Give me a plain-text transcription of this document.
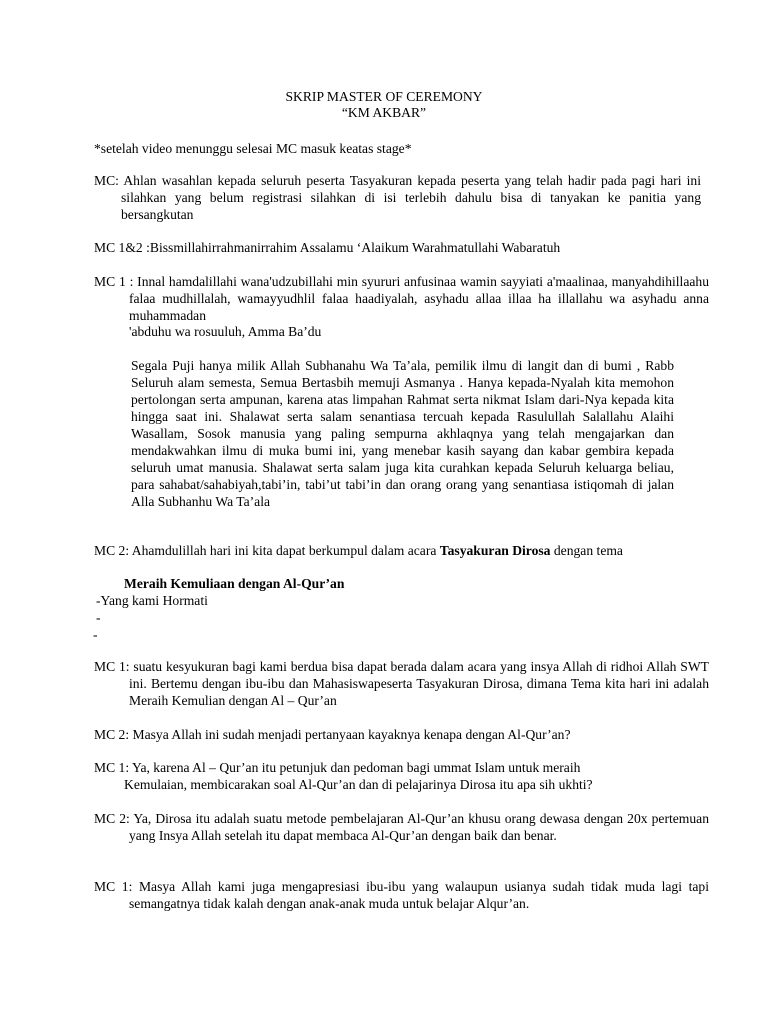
SKRIP MASTER OF CEREMONY

“KM AKBAR”

*setelah video menunggu selesai MC masuk keatas stage*

MC: Ahlan wasahlan kepada seluruh peserta Tasyakuran kepada peserta yang telah hadir pada pagi hari ini silahkan yang belum registrasi silahkan di isi terlebih dahulu bisa di tanyakan ke panitia yang bersangkutan

MC 1&2 :Bissmillahirrahmanirrahim Assalamu ‘Alaikum Warahmatullahi Wabaratuh

MC 1 : Innal hamdalillahi wana'udzubillahi min syururi anfusinaa wamin sayyiati a'maalinaa, manyahdihillaahu falaa mudhillalah, wamayyudhlil falaa haadiyalah, asyhadu allaa illaa ha illallahu wa asyhadu anna muhammadan

'abduhu wa rosuuluh, Amma Ba’du

Segala Puji hanya milik Allah Subhanahu Wa Ta’ala, pemilik ilmu di langit dan di bumi , Rabb Seluruh alam semesta, Semua Bertasbih memuji Asmanya . Hanya kepada-Nyalah kita memohon pertolongan serta ampunan, karena atas limpahan Rahmat serta nikmat Islam dari-Nya kepada kita hingga saat ini. Shalawat serta salam senantiasa tercuah kepada Rasulullah Salallahu Alaihi Wasallam, Sosok manusia yang paling sempurna akhlaqnya yang telah mengajarkan dan mendakwahkan ilmu di muka bumi ini, yang menebar kasih sayang dan kabar gembira kepada seluruh umat manusia. Shalawat serta salam juga kita curahkan kepada Seluruh keluarga beliau, para sahabat/sahabiyah,tabi’in, tabi’ut tabi’in dan orang orang yang senantiasa istiqomah di jalan Alla Subhanhu Wa Ta’ala

MC 2: Ahamdulillah hari ini kita dapat berkumpul dalam acara Tasyakuran Dirosa dengan tema

Meraih Kemuliaan dengan Al-Qur’an

-Yang kami Hormati

-

-

MC 1: suatu kesyukuran bagi kami berdua bisa dapat berada dalam acara yang insya Allah di ridhoi Allah SWT ini. Bertemu dengan ibu-ibu dan Mahasiswapeserta Tasyakuran Dirosa, dimana Tema kita hari ini adalah Meraih Kemulian dengan Al – Qur’an

MC 2: Masya Allah ini sudah menjadi pertanyaan kayaknya kenapa dengan Al-Qur’an?

MC 1: Ya, karena Al – Qur’an itu petunjuk dan pedoman bagi ummat Islam untuk meraih

Kemulaian, membicarakan soal Al-Qur’an dan di pelajarinya Dirosa itu apa sih ukhti?

MC 2: Ya, Dirosa itu adalah suatu metode pembelajaran Al-Qur’an khusu orang dewasa dengan 20x pertemuan yang Insya Allah setelah itu dapat membaca Al-Qur’an dengan baik dan benar.

MC 1: Masya Allah kami juga mengapresiasi ibu-ibu yang walaupun usianya sudah tidak muda lagi tapi semangatnya tidak kalah dengan anak-anak muda untuk belajar Alqur’an.
